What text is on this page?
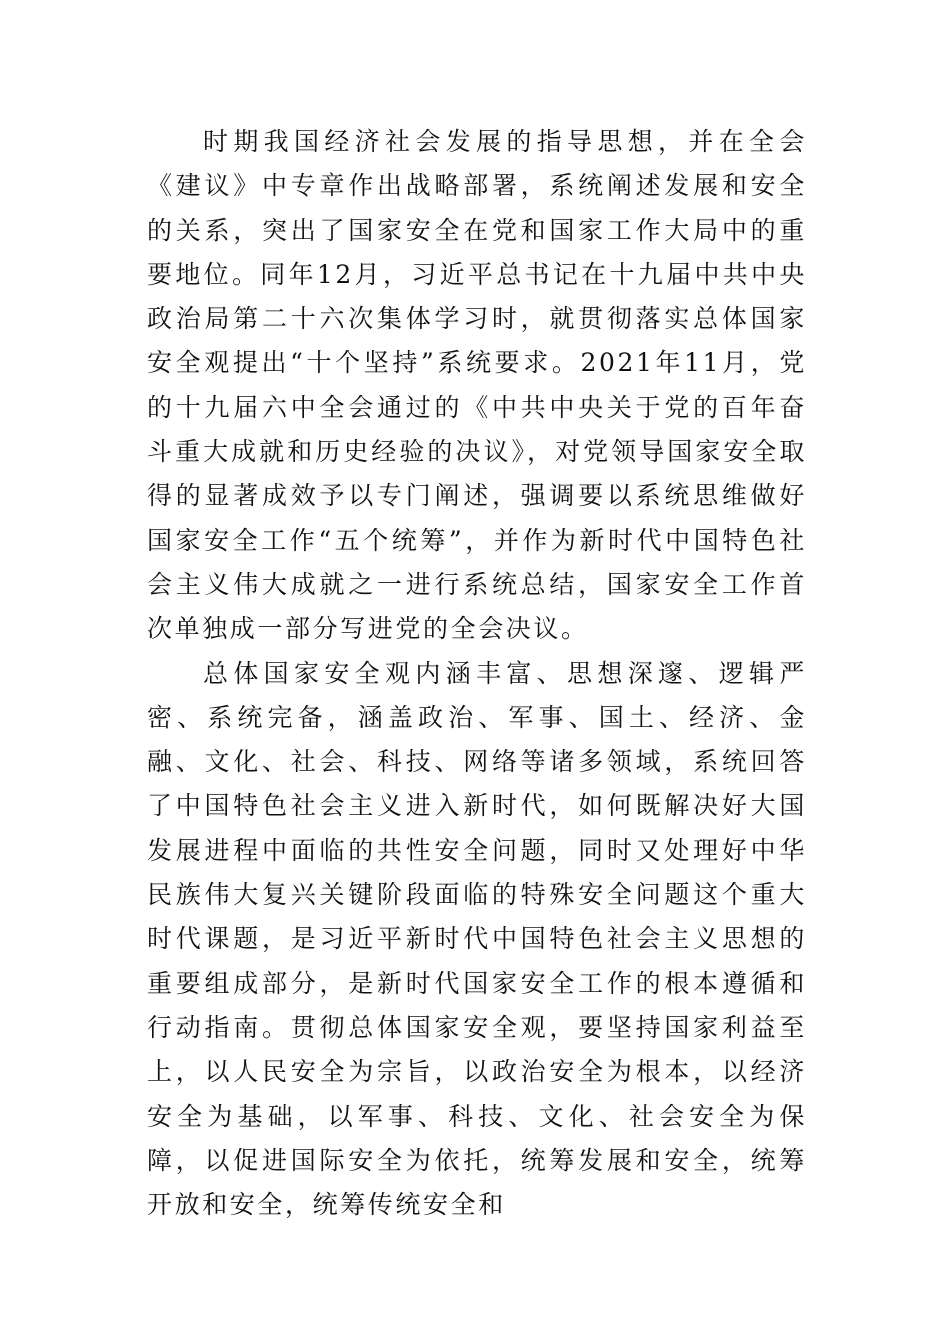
时期我国经济社会发展的指导思想，并在全会《建议》中专章作出战略部署，系统阐述发展和安全的关系，突出了国家安全在党和国家工作大局中的重要地位。同年12月，习近平总书记在十九届中共中央政治局第二十六次集体学习时，就贯彻落实总体国家安全观提出“十个坚持”系统要求。2021年11月，党的十九届六中全会通过的《中共中央关于党的百年奋斗重大成就和历史经验的决议》，对党领导国家安全取得的显著成效予以专门阐述，强调要以系统思维做好国家安全工作“五个统筹”，并作为新时代中国特色社会主义伟大成就之一进行系统总结，国家安全工作首次单独成一部分写进党的全会决议。

总体国家安全观内涵丰富、思想深邃、逻辑严密、系统完备，涵盖政治、军事、国土、经济、金融、文化、社会、科技、网络等诸多领域，系统回答了中国特色社会主义进入新时代，如何既解决好大国发展进程中面临的共性安全问题，同时又处理好中华民族伟大复兴关键阶段面临的特殊安全问题这个重大时代课题，是习近平新时代中国特色社会主义思想的重要组成部分，是新时代国家安全工作的根本遵循和行动指南。贯彻总体国家安全观，要坚持国家利益至上，以人民安全为宗旨，以政治安全为根本，以经济安全为基础，以军事、科技、文化、社会安全为保障，以促进国际安全为依托，统筹发展和安全，统筹开放和安全，统筹传统安全和
